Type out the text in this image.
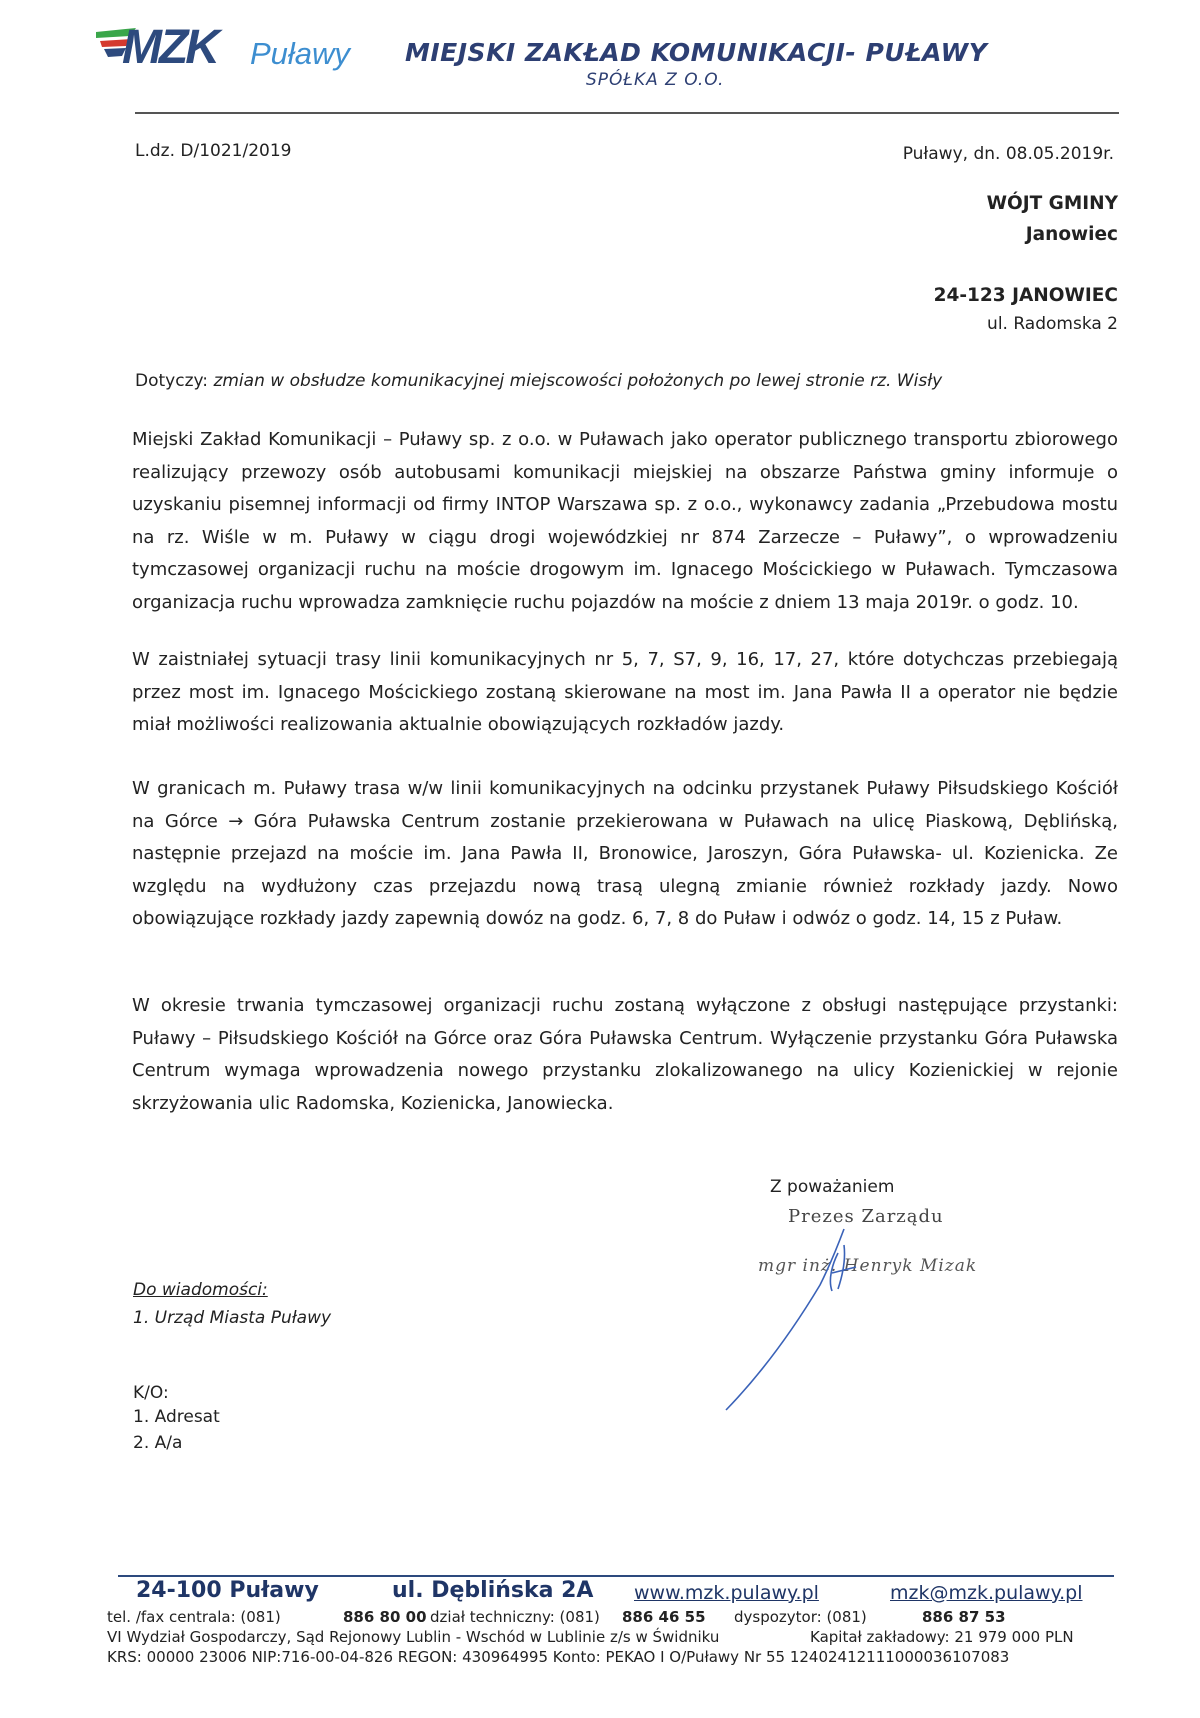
MZK Puławy MIEJSKI ZAKŁAD KOMUNIKACJI- PUŁAWY
SPÓŁKA Z O.O.
L.dz. D/1021/2019	Puławy, dn. 08.05.2019r.
WÓJT GMINY
Janowiec
24-123 JANOWIEC
ul. Radomska 2
Dotyczy: zmian w obsłudze komunikacyjnej miejscowości położonych po lewej stronie rz. Wisły
Miejski Zakład Komunikacji – Puławy sp. z o.o. w Puławach jako operator publicznego transportu zbiorowego realizujący przewozy osób autobusami komunikacji miejskiej na obszarze Państwa gminy informuje o uzyskaniu pisemnej informacji od firmy INTOP Warszawa sp. z o.o., wykonawcy zadania „Przebudowa mostu na rz. Wiśle w m. Puławy w ciągu drogi wojewódzkiej nr 874 Zarzecze – Puławy”, o wprowadzeniu tymczasowej organizacji ruchu na moście drogowym im. Ignacego Mościckiego w Puławach. Tymczasowa organizacja ruchu wprowadza zamknięcie ruchu pojazdów na moście z dniem 13 maja 2019r. o godz. 10.
W zaistniałej sytuacji trasy linii komunikacyjnych nr 5, 7, S7, 9, 16, 17, 27, które dotychczas przebiegają przez most im. Ignacego Mościckiego zostaną skierowane na most im. Jana Pawła II a operator nie będzie miał możliwości realizowania aktualnie obowiązujących rozkładów jazdy.
W granicach m. Puławy trasa w/w linii komunikacyjnych na odcinku przystanek Puławy Piłsudskiego Kościół na Górce → Góra Puławska Centrum zostanie przekierowana w Puławach na ulicę Piaskową, Dęblińską, następnie przejazd na moście im. Jana Pawła II, Bronowice, Jaroszyn, Góra Puławska- ul. Kozienicka. Ze względu na wydłużony czas przejazdu nową trasą ulegną zmianie również rozkłady jazdy. Nowo obowiązujące rozkłady jazdy zapewnią dowóz na godz. 6, 7, 8 do Puław i odwóz o godz. 14, 15 z Puław.
W okresie trwania tymczasowej organizacji ruchu zostaną wyłączone z obsługi następujące przystanki: Puławy – Piłsudskiego Kościół na Górce oraz Góra Puławska Centrum. Wyłączenie przystanku Góra Puławska Centrum wymaga wprowadzenia nowego przystanku zlokalizowanego na ulicy Kozienickiej w rejonie skrzyżowania ulic Radomska, Kozienicka, Janowiecka.
Z poważaniem
Prezes Zarządu
mgr inż. Henryk Mizak
Do wiadomości:
1. Urząd Miasta Puławy
K/O:
1. Adresat
2. A/a
24-100 Puławy	ul. Dęblińska 2A www.mzk.pulawy.pl	mzk@mzk.pulawy.pl
tel. /fax centrala: (081)	886 80 00 dział techniczny: (081) 886 46 55 dyspozytor: (081)	886 87 53
VI Wydział Gospodarczy, Sąd Rejonowy Lublin - Wschód w Lublinie z/s w Świdniku	Kapitał zakładowy: 21 979 000 PLN
KRS: 00000 23006 NIP:716-00-04-826 REGON: 430964995 Konto: PEKAO I O/Puławy Nr 55 12402412111000036107083
